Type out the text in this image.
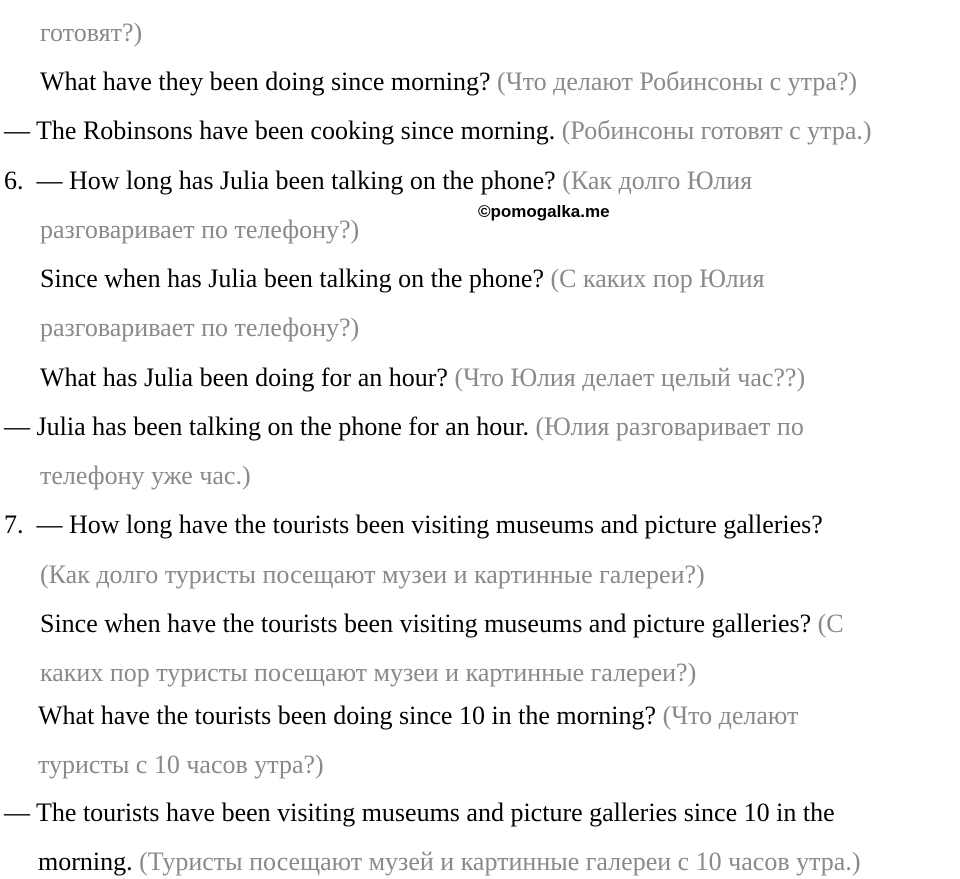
©pomogalka.me
готовят?)
What have they been doing since morning? (Что делают Робинсоны с утра?)
— The Robinsons have been cooking since morning. (Робинсоны готовят с утра.)
6.  — How long has Julia been talking on the phone? (Как долго Юлия
разговаривает по телефону?)
Since when has Julia been talking on the phone? (С каких пор Юлия
разговаривает по телефону?)
What has Julia been doing for an hour? (Что Юлия делает целый час??)
— Julia has been talking on the phone for an hour. (Юлия разговаривает по
телефону уже час.)
7.  — How long have the tourists been visiting museums and picture galleries?
(Как долго туристы посещают музеи и картинные галереи?)
Since when have the tourists been visiting museums and picture galleries? (С
каких пор туристы посещают музеи и картинные галереи?)
What have the tourists been doing since 10 in the morning? (Что делают
туристы с 10 часов утра?)
— The tourists have been visiting museums and picture galleries since 10 in the
morning. (Туристы посещают музей и картинные галереи с 10 часов утра.)
